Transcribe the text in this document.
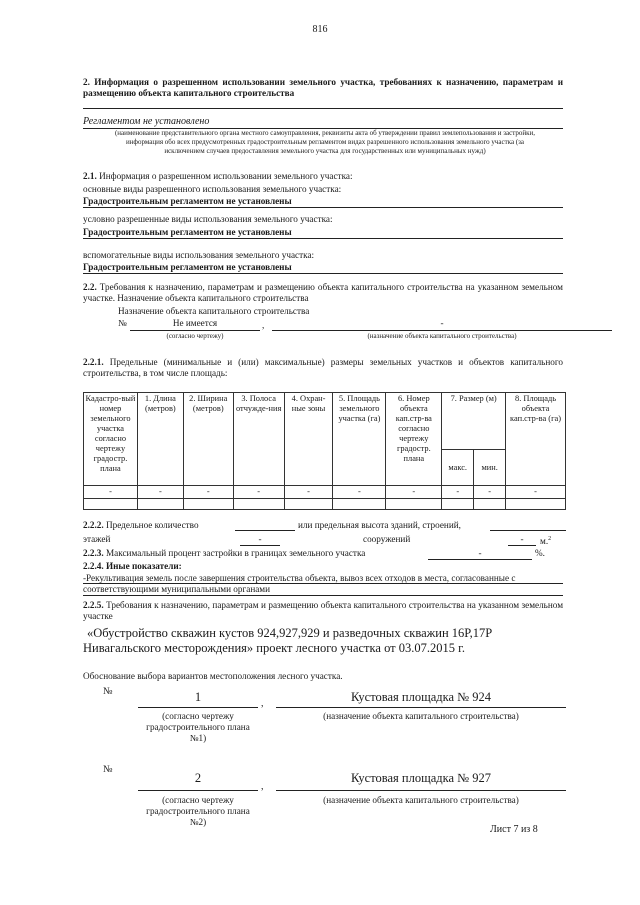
816
2. Информация о разрешенном использовании земельного участка, требованиях к назначению, параметрам и размещению объекта капитального строительства
Регламентом не установлено
(наименование представительного органа местного самоуправления, реквизиты акта об утверждении правил землепользования и застройки, информация обо всех предусмотренных градостроительным регламентом видах разрешенного использования земельного участка (за исключением случаев предоставления земельного участка для государственных или муниципальных нужд)
2.1. Информация о разрешенном использовании земельного участка:
основные виды разрешенного использования земельного участка:
Градостроительным регламентом не установлены
условно разрешенные виды использования земельного участка:
Градостроительным регламентом не установлены
вспомогательные виды использования земельного участка:
Градостроительным регламентом не установлены
2.2. Требования к назначению, параметрам и размещению объекта капитального строительства на указанном земельном участке. Назначение объекта капитального строительства
Назначение объекта капитального строительства
№	Не имеется	,	-
(согласно чертежу)	(назначение объекта капитального строительства)
2.2.1. Предельные (минимальные и (или) максимальные) размеры земельных участков и объектов капитального строительства, в том числе площадь:
Кадастро-вый номер земельного участка согласно чертежу градостр. плана	1. Длина (метров)	2. Ширина (метров)	3. Полоса отчужде-ния	4. Охран-ные зоны	5. Площадь земельного участка (га)	6. Номер объекта кап.стр-ва согласно чертежу градостр. плана	7. Размер (м)		8. Площадь объекта кап.стр-ва (га)
							макс.	мин.	
-	-	-	-	-	-	-	-	-	-

2.2.2. Предельное количество	или предельная высота зданий, строений,
этажей	-	сооружений	-	м.$^2$
2.2.3. Максимальный процент застройки в границах земельного участка	-	%.
2.2.4. Иные показатели:
-Рекультивация земель после завершения строительства объекта, вывоз всех отходов в места, согласованные с соответствующими муниципальными органами
2.2.5. Требования к назначению, параметрам и размещению объекта капитального строительства на указанном земельном участке
«Обустройство скважин кустов 924,927,929 и разведочных скважин 16Р,17Р Нивагальского месторождения» проект лесного участка от 03.07.2015 г.
Обоснование выбора вариантов местоположения лесного участка.
№	1	,	Кустовая площадка № 924
(согласно чертежу градостроительного плана №1)
(назначение объекта капитального строительства)
№
2
,
Кустовая площадка № 927
(согласно чертежу градостроительного плана №2)
(назначение объекта капитального строительства)
Лист 7 из 8
